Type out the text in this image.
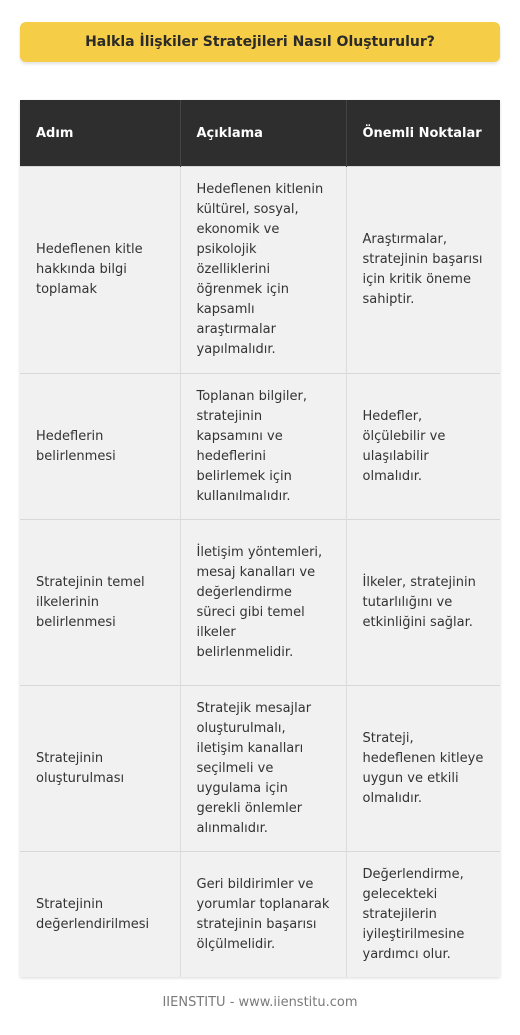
Halkla İlişkiler Stratejileri Nasıl Oluşturulur?
Adım	Açıklama	Önemli Noktalar
Hedeflenen kitle hakkında bilgi toplamak	Hedeflenen kitlenin kültürel, sosyal, ekonomik ve psikolojik özelliklerini öğrenmek için kapsamlı araştırmalar yapılmalıdır.	Araştırmalar, stratejinin başarısı için kritik öneme sahiptir.
Hedeflerin belirlenmesi	Toplanan bilgiler, stratejinin kapsamını ve hedeflerini belirlemek için kullanılmalıdır.	Hedefler, ölçülebilir ve ulaşılabilir olmalıdır.
Stratejinin temel ilkelerinin belirlenmesi	İletişim yöntemleri, mesaj kanalları ve değerlendirme süreci gibi temel ilkeler belirlenmelidir.	İlkeler, stratejinin tutarlılığını ve etkinliğini sağlar.
Stratejinin oluşturulması	Stratejik mesajlar oluşturulmalı, iletişim kanalları seçilmeli ve uygulama için gerekli önlemler alınmalıdır.	Strateji, hedeflenen kitleye uygun ve etkili olmalıdır.
Stratejinin değerlendirilmesi	Geri bildirimler ve yorumlar toplanarak stratejinin başarısı ölçülmelidir.	Değerlendirme, gelecekteki stratejilerin iyileştirilmesine yardımcı olur.
IIENSTITU - www.iienstitu.com
